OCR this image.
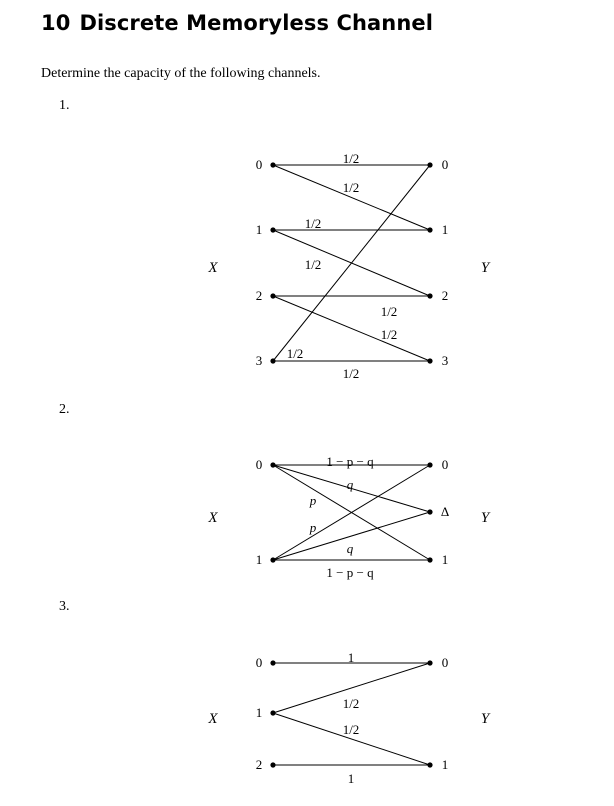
10 Discrete Memoryless Channel
Determine the capacity of the following channels.
1.
2.
3.
1/2
1/2
1/2
1/2
1/2
1/2
1/2
1/2
0
1
2
3
0
1
2
3
X	Y
1 − p − q
q
p
p
q
1 − p − q
0
1
0
Δ
1
X	Y
1
1/2
1/2
1
0
1
2
0
1
X	Y
